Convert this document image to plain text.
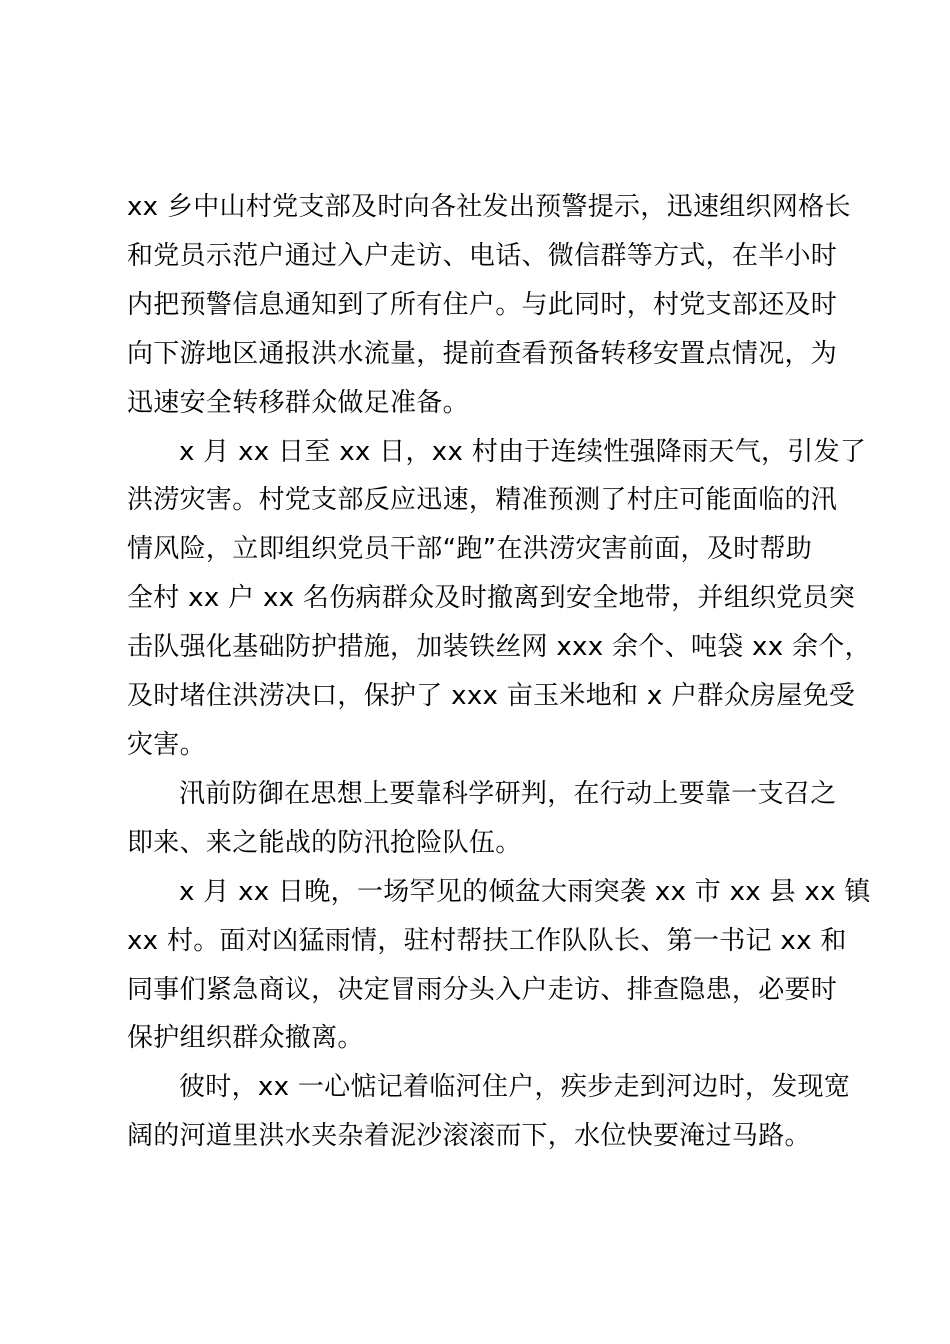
xx 乡中山村党支部及时向各社发出预警提示，迅速组织网格长
和党员示范户通过入户走访、电话、微信群等方式，在半小时
内把预警信息通知到了所有住户。与此同时，村党支部还及时
向下游地区通报洪水流量，提前查看预备转移安置点情况，为
迅速安全转移群众做足准备。

x 月 xx 日至 xx 日，xx 村由于连续性强降雨天气，引发了
洪涝灾害。村党支部反应迅速，精准预测了村庄可能面临的汛
情风险，立即组织党员干部“跑”在洪涝灾害前面，及时帮助
全村 xx 户 xx 名伤病群众及时撤离到安全地带，并组织党员突
击队强化基础防护措施，加装铁丝网 xxx 余个、吨袋 xx 余个，
及时堵住洪涝决口，保护了 xxx 亩玉米地和 x 户群众房屋免受
灾害。

汛前防御在思想上要靠科学研判，在行动上要靠一支召之
即来、来之能战的防汛抢险队伍。

x 月 xx 日晚，一场罕见的倾盆大雨突袭 xx 市 xx 县 xx 镇
xx 村。面对凶猛雨情，驻村帮扶工作队队长、第一书记 xx 和
同事们紧急商议，决定冒雨分头入户走访、排查隐患，必要时
保护组织群众撤离。

彼时，xx 一心惦记着临河住户，疾步走到河边时，发现宽
阔的河道里洪水夹杂着泥沙滚滚而下，水位快要淹过马路。
